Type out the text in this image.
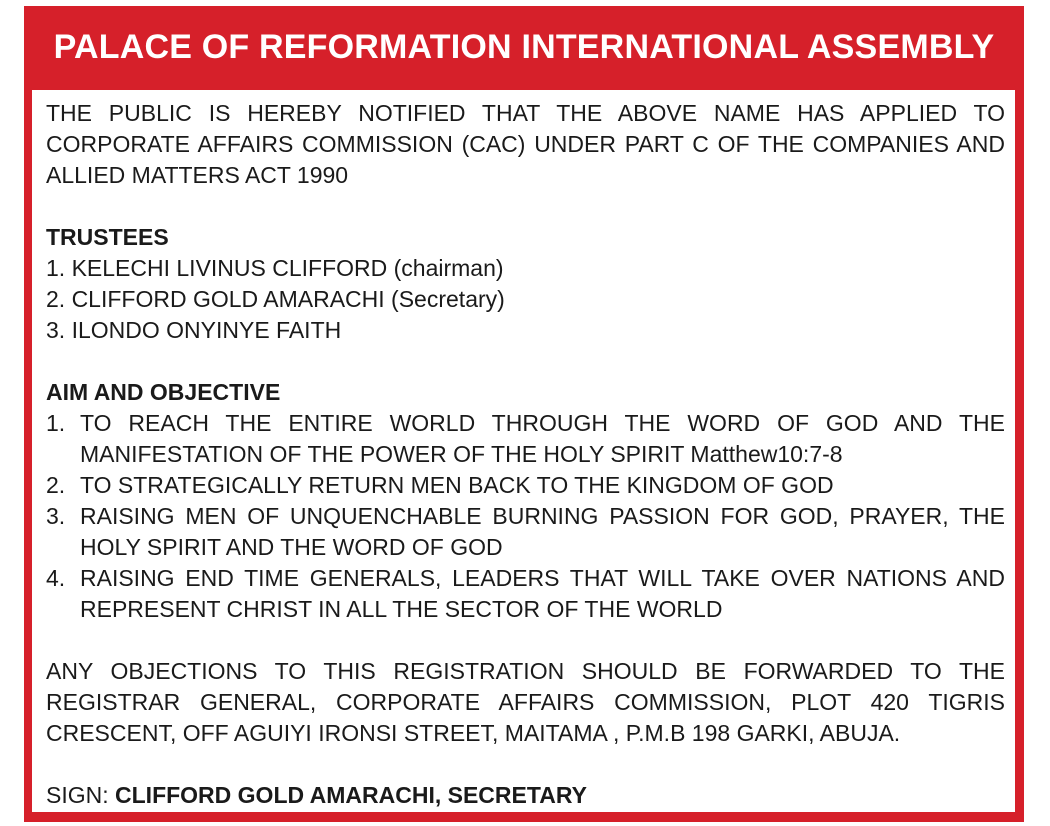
PALACE OF REFORMATION INTERNATIONAL ASSEMBLY

THE PUBLIC IS HEREBY NOTIFIED THAT THE ABOVE NAME HAS APPLIED TO CORPORATE AFFAIRS COMMISSION (CAC) UNDER PART C OF THE COMPANIES AND ALLIED MATTERS ACT 1990

TRUSTEES

1. KELECHI LIVINUS CLIFFORD (chairman)
2. CLIFFORD GOLD AMARACHI (Secretary)
3. ILONDO ONYINYE FAITH

AIM AND OBJECTIVE

1. TO REACH THE ENTIRE WORLD THROUGH THE WORD OF GOD AND THE MANIFESTATION OF THE POWER OF THE HOLY SPIRIT Matthew10:7-8
2. TO STRATEGICALLY RETURN MEN BACK TO THE KINGDOM OF GOD
3. RAISING MEN OF UNQUENCHABLE BURNING PASSION FOR GOD, PRAYER, THE HOLY SPIRIT AND THE WORD OF GOD
4. RAISING END TIME GENERALS, LEADERS THAT WILL TAKE OVER NATIONS AND REPRESENT CHRIST IN ALL THE SECTOR OF THE WORLD

ANY OBJECTIONS TO THIS REGISTRATION SHOULD BE FORWARDED TO THE REGISTRAR GENERAL, CORPORATE AFFAIRS COMMISSION, PLOT 420 TIGRIS CRESCENT, OFF AGUIYI IRONSI STREET, MAITAMA , P.M.B 198 GARKI, ABUJA.

SIGN: CLIFFORD GOLD AMARACHI, SECRETARY
